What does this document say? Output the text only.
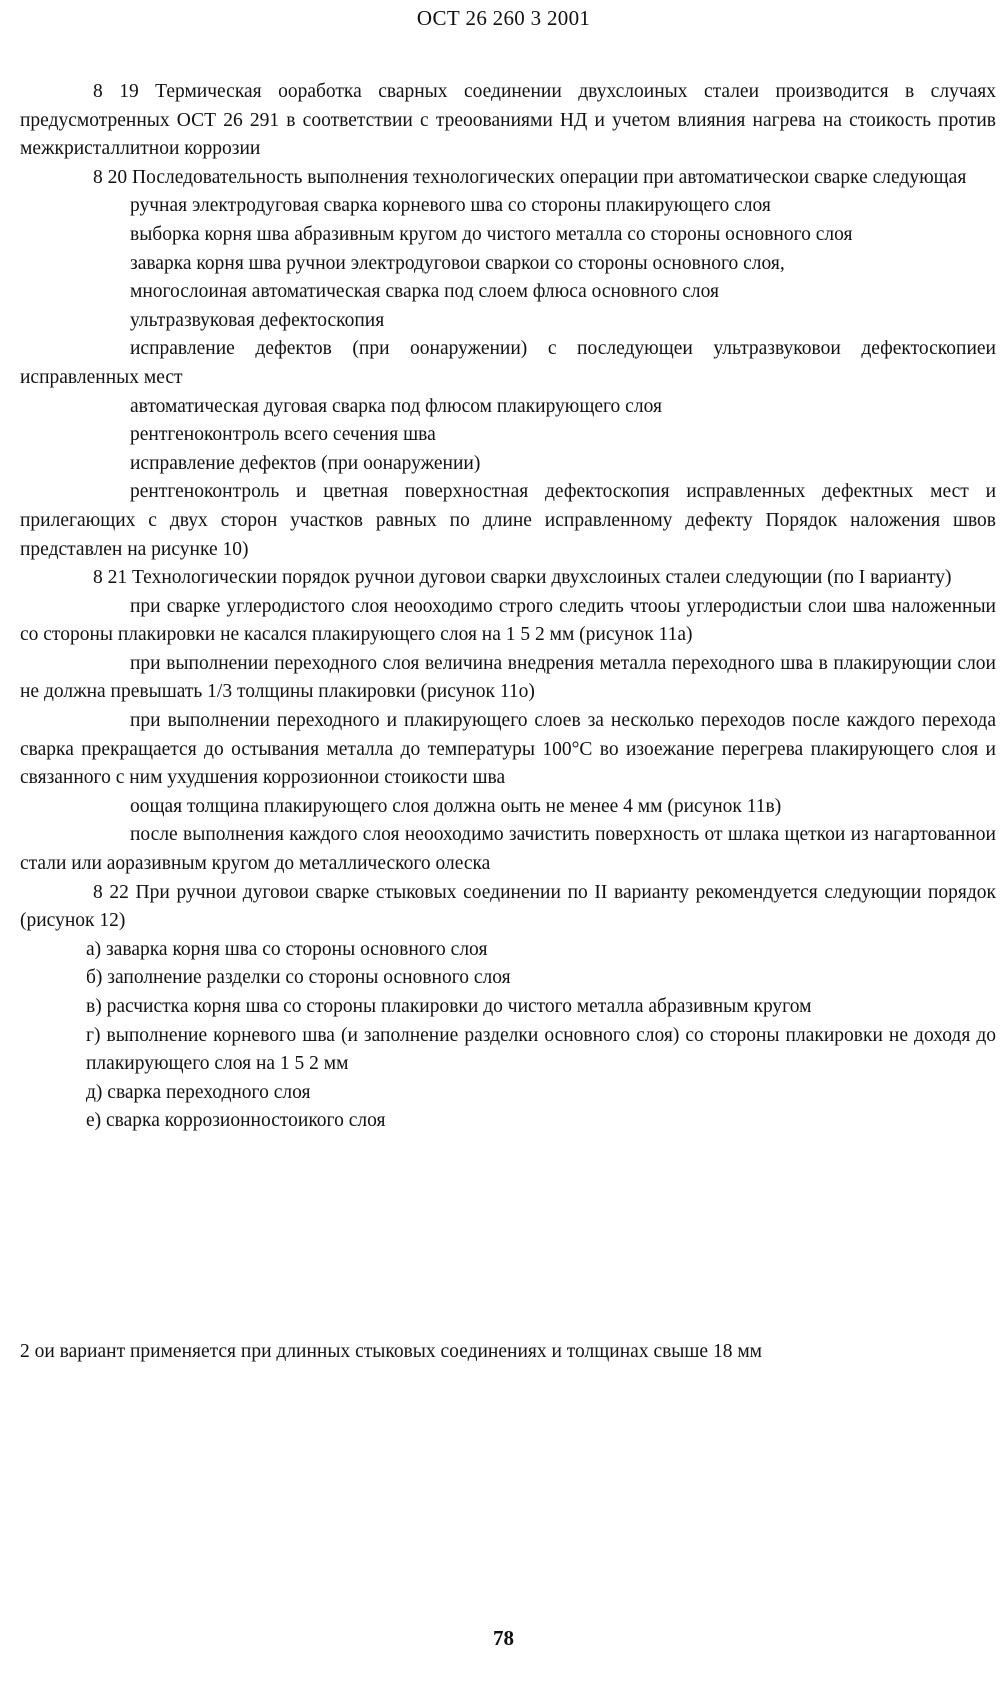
ОСТ 26 260 3 2001

8 19 Термическая ооработка сварных соединении двухслоиных сталеи производится в случаях предусмотренных ОСТ 26 291 в соответствии с треоованиями НД и учетом влияния нагрева на стоикость против межкристаллитнои коррозии

8 20 Последовательность выполнения технологических операции при автоматическои сварке следующая

ручная электродуговая сварка корневого шва со стороны плакирующего слоя

выборка корня шва абразивным кругом до чистого металла со стороны основного слоя

заварка корня шва ручнои электродуговои сваркои со стороны основного слоя,

многослоиная автоматическая сварка под слоем флюса основного слоя

ультразвуковая дефектоскопия

исправление дефектов (при оонаружении) с последующеи ультразвуковои дефектоскопиеи исправленных мест

автоматическая дуговая сварка под флюсом плакирующего слоя

рентгеноконтроль всего сечения шва

исправление дефектов (при оонаружении)

рентгеноконтроль и цветная поверхностная дефектоскопия исправленных дефектных мест и прилегающих с двух сторон участков равных по длине исправленному дефекту Порядок наложения швов представлен на рисунке 10)

8 21 Технологическии порядок ручнои дуговои сварки двухслоиных сталеи следующии (по I варианту)

при сварке углеродистого слоя неооходимо строго следить чтооы углеродистыи слои шва наложенныи со стороны плакировки не касался плакирующего слоя на 1 5 2 мм (рисунок 11а)

при выполнении переходного слоя величина внедрения металла переходного шва в плакирующии слои не должна превышать 1/3 толщины плакировки (рисунок 11о)

при выполнении переходного и плакирующего слоев за несколько переходов после каждого перехода сварка прекращается до остывания металла до температуры 100°С во изоежание перегрева плакирующего слоя и связанного с ним ухудшения коррозионнои стоикости шва

оощая толщина плакирующего слоя должна оыть не менее 4 мм (рисунок 11в)

после выполнения каждого слоя неооходимо зачистить поверхность от шлака щеткои из нагартованнои стали или аоразивным кругом до металлического олеска

8 22 При ручнои дуговои сварке стыковых соединении по II варианту рекомендуется следующии порядок (рисунок 12)

а) заварка корня шва со стороны основного слоя

б) заполнение разделки со стороны основного слоя

в) расчистка корня шва со стороны плакировки до чистого металла абразивным кругом

г) выполнение корневого шва (и заполнение разделки основного слоя) со стороны плакировки не доходя до плакирующего слоя на 1 5 2 мм

д) сварка переходного слоя

е) сварка коррозионностоикого слоя

2 ои вариант применяется при длинных стыковых соединениях и толщинах свыше 18 мм

78
